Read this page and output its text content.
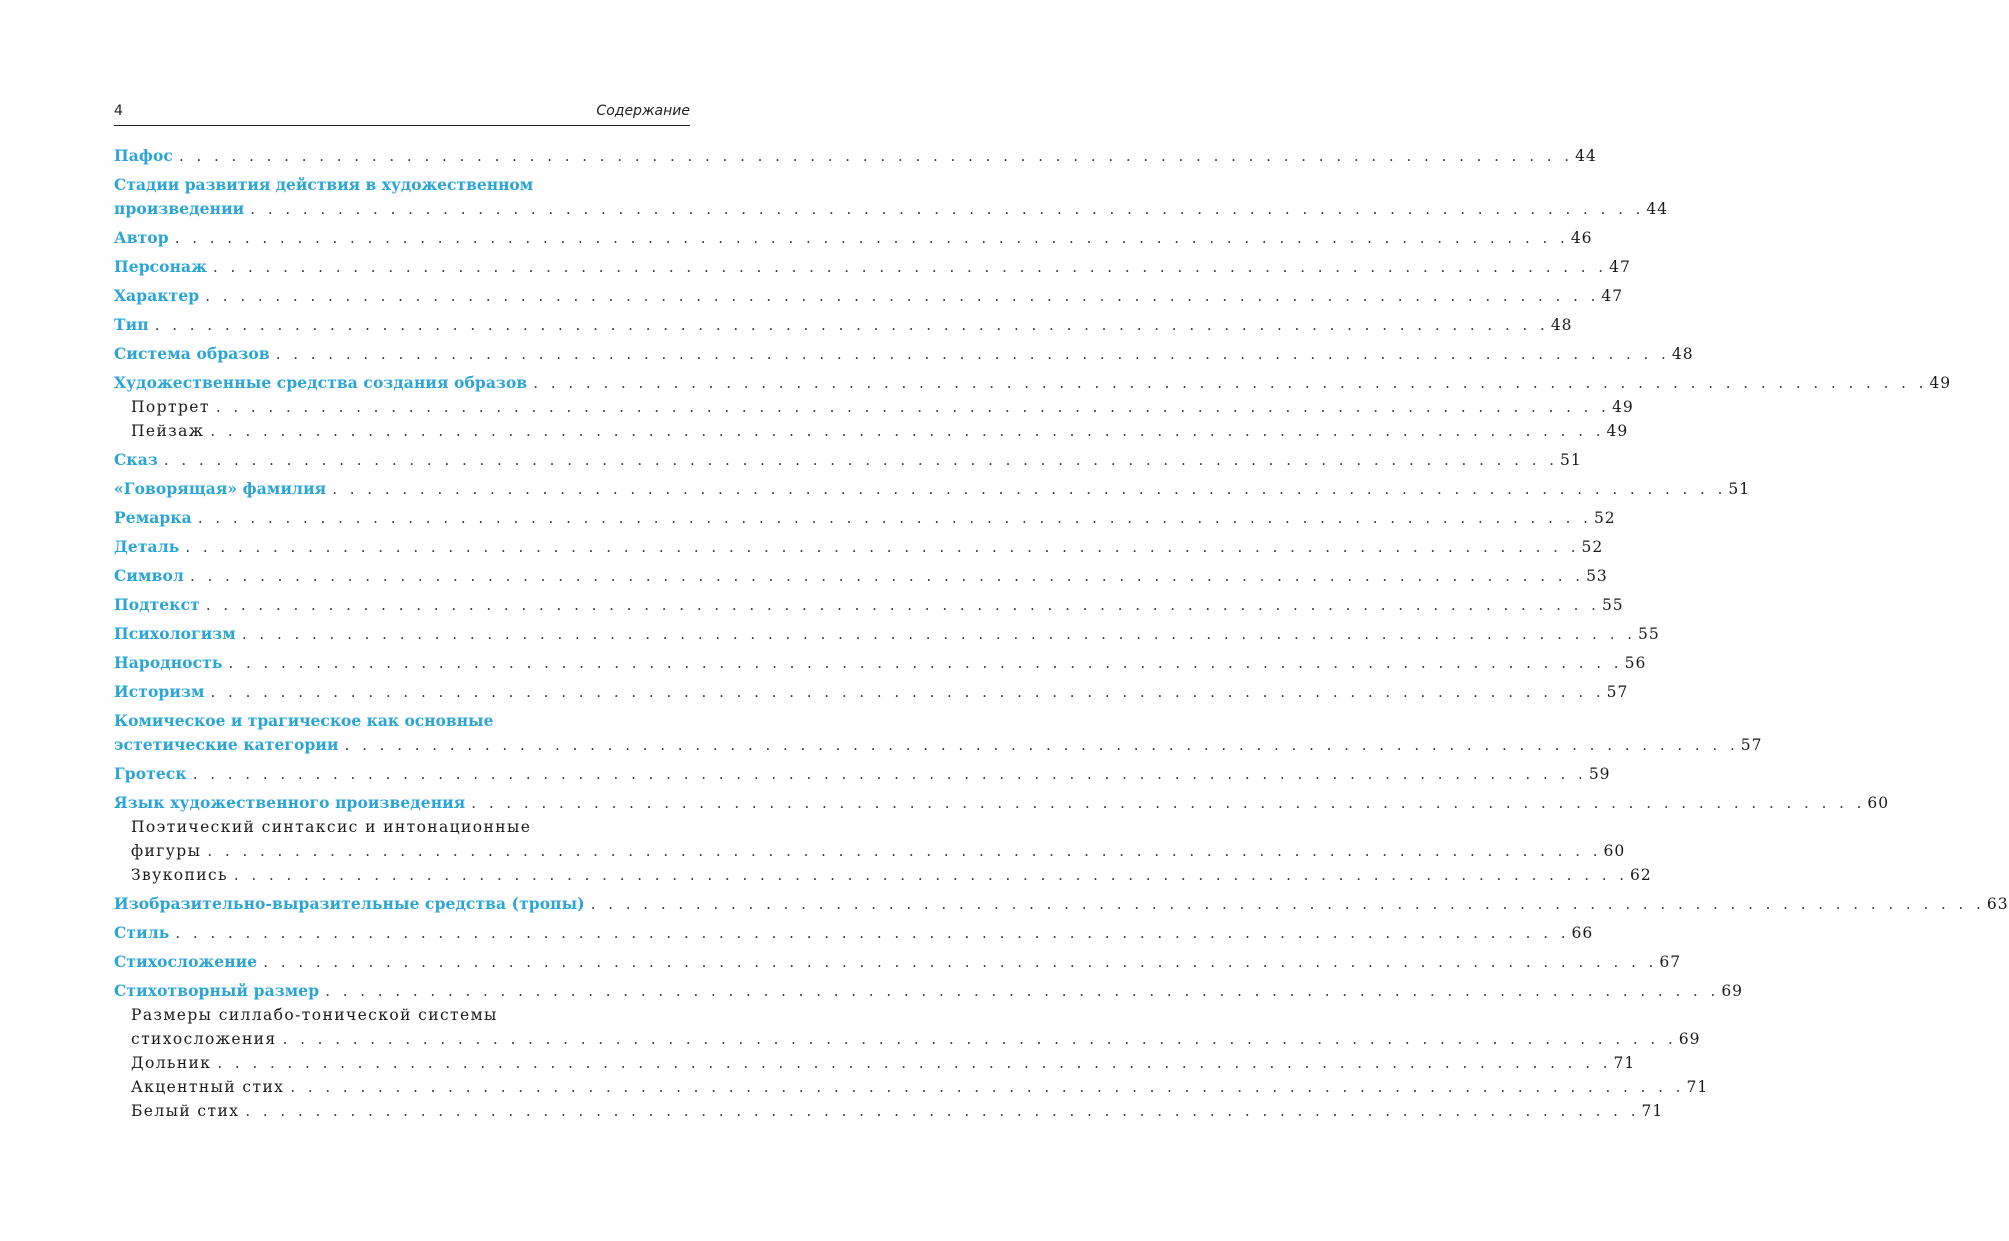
4	Содержание
Пафос . . . . . . . . . . . . . . . . . . . . . . . . . . . . . . . . . . . . . . . . . . . . . . . . . . . . . . . . . . . . . . . . . . . . . . . . . . . . . . . . 44
Стадии развития действия в художественном
произведении . . . . . . . . . . . . . . . . . . . . . . . . . . . . . . . . . . . . . . . . . . . . . . . . . . . . . . . . . . . . . . . . . . . . . . . . . . . . . . . . 44
Автор . . . . . . . . . . . . . . . . . . . . . . . . . . . . . . . . . . . . . . . . . . . . . . . . . . . . . . . . . . . . . . . . . . . . . . . . . . . . . . . . 46
Персонаж . . . . . . . . . . . . . . . . . . . . . . . . . . . . . . . . . . . . . . . . . . . . . . . . . . . . . . . . . . . . . . . . . . . . . . . . . . . . . . . . 47
Характер . . . . . . . . . . . . . . . . . . . . . . . . . . . . . . . . . . . . . . . . . . . . . . . . . . . . . . . . . . . . . . . . . . . . . . . . . . . . . . . . 47
Тип . . . . . . . . . . . . . . . . . . . . . . . . . . . . . . . . . . . . . . . . . . . . . . . . . . . . . . . . . . . . . . . . . . . . . . . . . . . . . . . . 48
Система образов . . . . . . . . . . . . . . . . . . . . . . . . . . . . . . . . . . . . . . . . . . . . . . . . . . . . . . . . . . . . . . . . . . . . . . . . . . . . . . . . 48
Художественные средства создания образов . . . . . . . . . . . . . . . . . . . . . . . . . . . . . . . . . . . . . . . . . . . . . . . . . . . . . . . . . . . . . . . . . . . . . . . . . . . . . . . . 49
Портрет . . . . . . . . . . . . . . . . . . . . . . . . . . . . . . . . . . . . . . . . . . . . . . . . . . . . . . . . . . . . . . . . . . . . . . . . . . . . . . . . 49
Пейзаж . . . . . . . . . . . . . . . . . . . . . . . . . . . . . . . . . . . . . . . . . . . . . . . . . . . . . . . . . . . . . . . . . . . . . . . . . . . . . . . . 49
Сказ . . . . . . . . . . . . . . . . . . . . . . . . . . . . . . . . . . . . . . . . . . . . . . . . . . . . . . . . . . . . . . . . . . . . . . . . . . . . . . . . 51
«Говорящая» фамилия . . . . . . . . . . . . . . . . . . . . . . . . . . . . . . . . . . . . . . . . . . . . . . . . . . . . . . . . . . . . . . . . . . . . . . . . . . . . . . . . 51
Ремарка . . . . . . . . . . . . . . . . . . . . . . . . . . . . . . . . . . . . . . . . . . . . . . . . . . . . . . . . . . . . . . . . . . . . . . . . . . . . . . . . 52
Деталь . . . . . . . . . . . . . . . . . . . . . . . . . . . . . . . . . . . . . . . . . . . . . . . . . . . . . . . . . . . . . . . . . . . . . . . . . . . . . . . . 52
Символ . . . . . . . . . . . . . . . . . . . . . . . . . . . . . . . . . . . . . . . . . . . . . . . . . . . . . . . . . . . . . . . . . . . . . . . . . . . . . . . . 53
Подтекст . . . . . . . . . . . . . . . . . . . . . . . . . . . . . . . . . . . . . . . . . . . . . . . . . . . . . . . . . . . . . . . . . . . . . . . . . . . . . . . . 55
Психологизм . . . . . . . . . . . . . . . . . . . . . . . . . . . . . . . . . . . . . . . . . . . . . . . . . . . . . . . . . . . . . . . . . . . . . . . . . . . . . . . . 55
Народность . . . . . . . . . . . . . . . . . . . . . . . . . . . . . . . . . . . . . . . . . . . . . . . . . . . . . . . . . . . . . . . . . . . . . . . . . . . . . . . . 56
Историзм . . . . . . . . . . . . . . . . . . . . . . . . . . . . . . . . . . . . . . . . . . . . . . . . . . . . . . . . . . . . . . . . . . . . . . . . . . . . . . . . 57
Комическое и трагическое как основные
эстетические категории . . . . . . . . . . . . . . . . . . . . . . . . . . . . . . . . . . . . . . . . . . . . . . . . . . . . . . . . . . . . . . . . . . . . . . . . . . . . . . . . 57
Гротеск . . . . . . . . . . . . . . . . . . . . . . . . . . . . . . . . . . . . . . . . . . . . . . . . . . . . . . . . . . . . . . . . . . . . . . . . . . . . . . . . 59
Язык художественного произведения . . . . . . . . . . . . . . . . . . . . . . . . . . . . . . . . . . . . . . . . . . . . . . . . . . . . . . . . . . . . . . . . . . . . . . . . . . . . . . . . 60
Поэтический синтаксис и интонационные
фигуры . . . . . . . . . . . . . . . . . . . . . . . . . . . . . . . . . . . . . . . . . . . . . . . . . . . . . . . . . . . . . . . . . . . . . . . . . . . . . . . . 60
Звукопись . . . . . . . . . . . . . . . . . . . . . . . . . . . . . . . . . . . . . . . . . . . . . . . . . . . . . . . . . . . . . . . . . . . . . . . . . . . . . . . . 62
Изобразительно-выразительные средства (тропы) . . . . . . . . . . . . . . . . . . . . . . . . . . . . . . . . . . . . . . . . . . . . . . . . . . . . . . . . . . . . . . . . . . . . . . . . . . . . . . . . 63
Стиль . . . . . . . . . . . . . . . . . . . . . . . . . . . . . . . . . . . . . . . . . . . . . . . . . . . . . . . . . . . . . . . . . . . . . . . . . . . . . . . . 66
Стихосложение . . . . . . . . . . . . . . . . . . . . . . . . . . . . . . . . . . . . . . . . . . . . . . . . . . . . . . . . . . . . . . . . . . . . . . . . . . . . . . . . 67
Стихотворный размер . . . . . . . . . . . . . . . . . . . . . . . . . . . . . . . . . . . . . . . . . . . . . . . . . . . . . . . . . . . . . . . . . . . . . . . . . . . . . . . . 69
Размеры силлабо-тонической системы
стихосложения . . . . . . . . . . . . . . . . . . . . . . . . . . . . . . . . . . . . . . . . . . . . . . . . . . . . . . . . . . . . . . . . . . . . . . . . . . . . . . . . 69
Дольник . . . . . . . . . . . . . . . . . . . . . . . . . . . . . . . . . . . . . . . . . . . . . . . . . . . . . . . . . . . . . . . . . . . . . . . . . . . . . . . . 71
Акцентный стих . . . . . . . . . . . . . . . . . . . . . . . . . . . . . . . . . . . . . . . . . . . . . . . . . . . . . . . . . . . . . . . . . . . . . . . . . . . . . . . . 71
Белый стих . . . . . . . . . . . . . . . . . . . . . . . . . . . . . . . . . . . . . . . . . . . . . . . . . . . . . . . . . . . . . . . . . . . . . . . . . . . . . . . . 71
